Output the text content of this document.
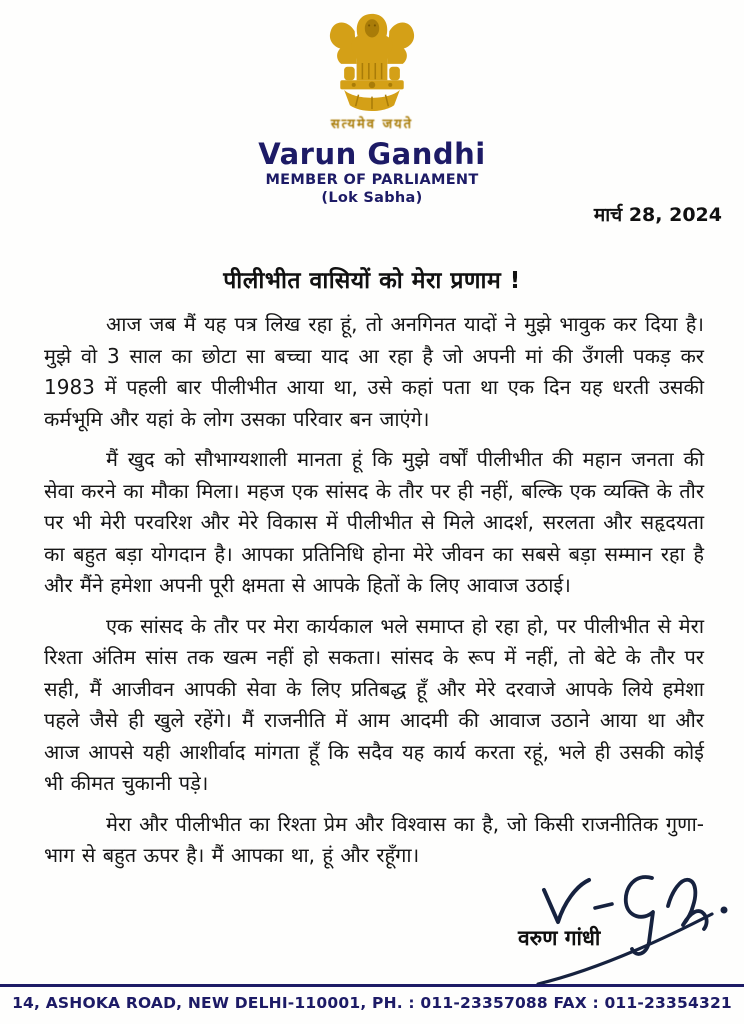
सत्यमेव जयते
Varun Gandhi
MEMBER OF PARLIAMENT
(Lok Sabha)
मार्च 28, 2024
पीलीभीत वासियों को मेरा प्रणाम !

आज जब मैं यह पत्र लिख रहा हूं, तो अनगिनत यादों ने मुझे भावुक कर दिया है। मुझे वो 3 साल का छोटा सा बच्चा याद आ रहा है जो अपनी मां की उँगली पकड़ कर 1983 में पहली बार पीलीभीत आया था, उसे कहां पता था एक दिन यह धरती उसकी कर्मभूमि और यहां के लोग उसका परिवार बन जाएंगे।

मैं खुद को सौभाग्यशाली मानता हूं कि मुझे वर्षों पीलीभीत की महान जनता की सेवा करने का मौका मिला। महज एक सांसद के तौर पर ही नहीं, बल्कि एक व्यक्ति के तौर पर भी मेरी परवरिश और मेरे विकास में पीलीभीत से मिले आदर्श, सरलता और सहृदयता का बहुत बड़ा योगदान है। आपका प्रतिनिधि होना मेरे जीवन का सबसे बड़ा सम्मान रहा है और मैंने हमेशा अपनी पूरी क्षमता से आपके हितों के लिए आवाज उठाई।

एक सांसद के तौर पर मेरा कार्यकाल भले समाप्त हो रहा हो, पर पीलीभीत से मेरा रिश्ता अंतिम सांस तक खत्म नहीं हो सकता। सांसद के रूप में नहीं, तो बेटे के तौर पर सही, मैं आजीवन आपकी सेवा के लिए प्रतिबद्ध हूँ और मेरे दरवाजे आपके लिये हमेशा पहले जैसे ही खुले रहेंगे। मैं राजनीति में आम आदमी की आवाज उठाने आया था और आज आपसे यही आशीर्वाद मांगता हूँ कि सदैव यह कार्य करता रहूं, भले ही उसकी कोई भी कीमत चुकानी पड़े।

मेरा और पीलीभीत का रिश्ता प्रेम और विश्वास का है, जो किसी राजनीतिक गुणा-भाग से बहुत ऊपर है। मैं आपका था, हूं और रहूँगा।

वरुण गांधी
14, ASHOKA ROAD, NEW DELHI-110001, PH. : 011-23357088 FAX : 011-23354321
